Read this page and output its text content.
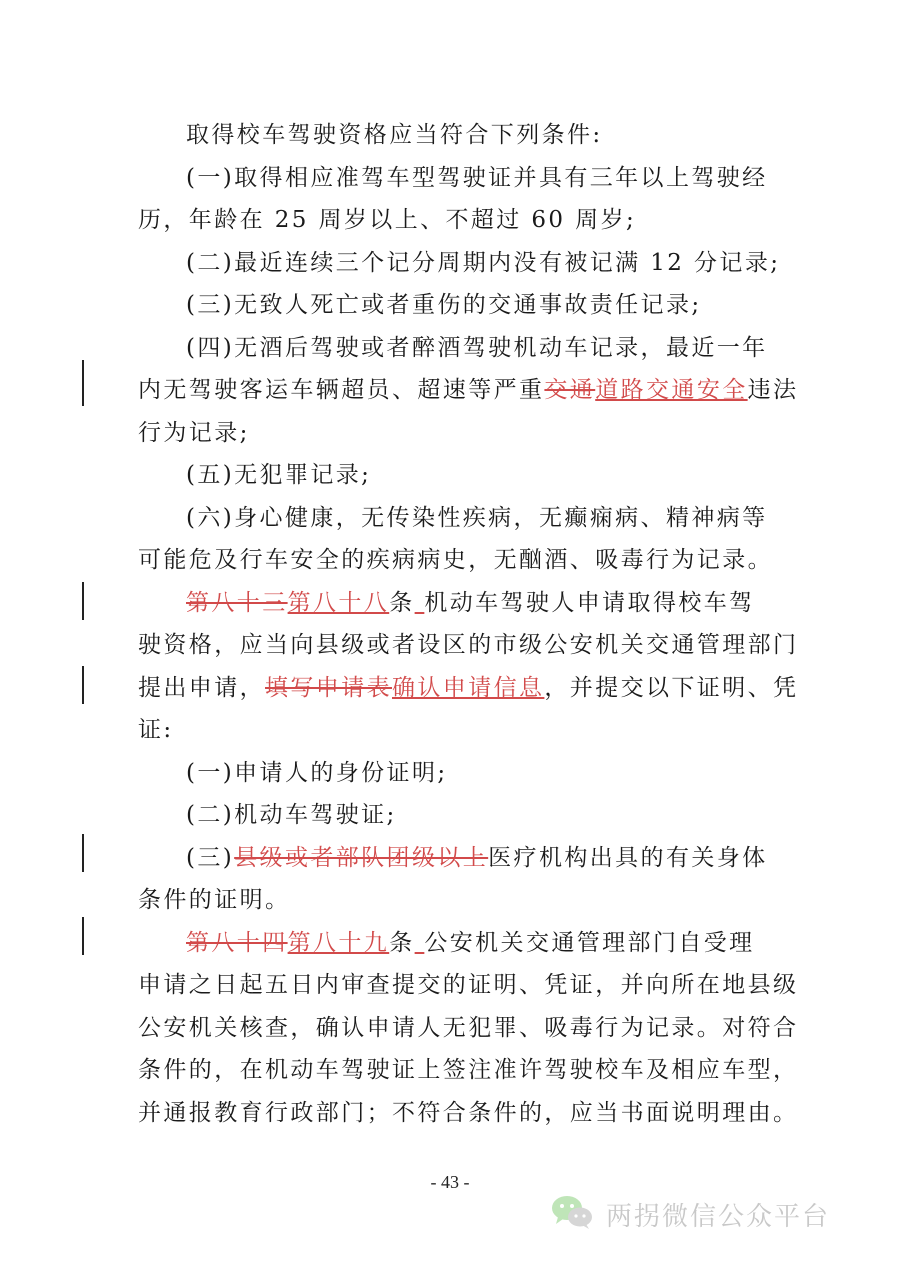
取得校车驾驶资格应当符合下列条件:
(一)取得相应准驾车型驾驶证并具有三年以上驾驶经
历，年龄在 25 周岁以上、不超过 60 周岁;
(二)最近连续三个记分周期内没有被记满 12 分记录;
(三)无致人死亡或者重伤的交通事故责任记录;
(四)无酒后驾驶或者醉酒驾驶机动车记录，最近一年
内无驾驶客运车辆超员、超速等严重交通道路交通安全违法
行为记录;
(五)无犯罪记录;
(六)身心健康，无传染性疾病，无癫痫病、精神病等
可能危及行车安全的疾病病史，无酗酒、吸毒行为记录。
第八十三第八十八条 机动车驾驶人申请取得校车驾
驶资格，应当向县级或者设区的市级公安机关交通管理部门
提出申请，填写申请表确认申请信息，并提交以下证明、凭
证:
(一)申请人的身份证明;
(二)机动车驾驶证;
(三)县级或者部队团级以上医疗机构出具的有关身体
条件的证明。
第八十四第八十九条 公安机关交通管理部门自受理
申请之日起五日内审查提交的证明、凭证，并向所在地县级
公安机关核查，确认申请人无犯罪、吸毒行为记录。对符合
条件的，在机动车驾驶证上签注准许驾驶校车及相应车型，
并通报教育行政部门；不符合条件的，应当书面说明理由。
- 43 -
两拐微信公众平台
